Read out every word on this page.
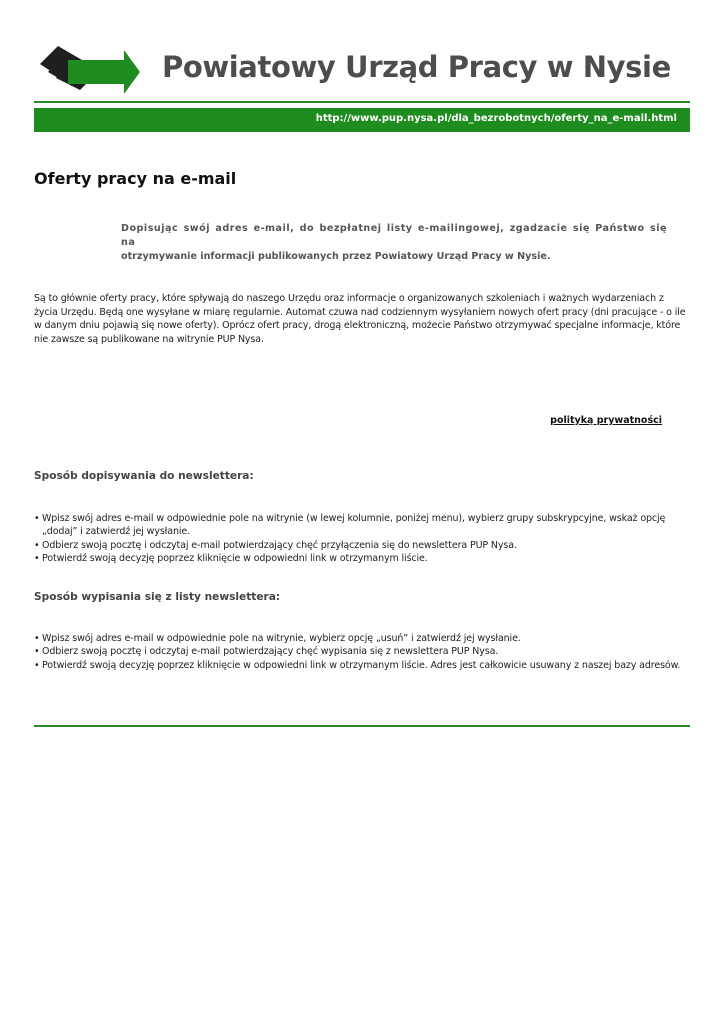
Powiatowy Urząd Pracy w Nysie
http://www.pup.nysa.pl/dla_bezrobotnych/oferty_na_e-mail.html
Oferty pracy na e-mail

Dopisując swój adres e-mail, do bezpłatnej listy e-mailingowej, zgadzacie się Państwo się na
otrzymywanie informacji publikowanych przez Powiatowy Urząd Pracy w Nysie.

Są to głównie oferty pracy, które spływają do naszego Urzędu oraz informacje o organizowanych szkoleniach i ważnych wydarzeniach z życia Urzędu. Będą one wysyłane w miarę regularnie. Automat czuwa nad codziennym wysyłaniem nowych ofert pracy (dni pracujące - o ile w danym dniu pojawią się nowe oferty). Oprócz ofert pracy, drogą elektroniczną, możecie Państwo otrzymywać specjalne informacje, które nie zawsze są publikowane na witrynie PUP Nysa.

polityką prywatności
Sposób dopisywania do newslettera:
• Wpisz swój adres e-mail w odpowiednie pole na witrynie (w lewej kolumnie, poniżej menu), wybierz grupy subskrypcyjne, wskaż opcję „dodaj” i zatwierdź jej wysłanie.
• Odbierz swoją pocztę i odczytaj e-mail potwierdzający chęć przyłączenia się do newslettera PUP Nysa.
• Potwierdź swoją decyzję poprzez kliknięcie w odpowiedni link w otrzymanym liście.
Sposób wypisania się z listy newslettera:
• Wpisz swój adres e-mail w odpowiednie pole na witrynie, wybierz opcję „usuń” i zatwierdź jej wysłanie.
• Odbierz swoją pocztę i odczytaj e-mail potwierdzający chęć wypisania się z newslettera PUP Nysa.
• Potwierdź swoją decyzję poprzez kliknięcie w odpowiedni link w otrzymanym liście. Adres jest całkowicie usuwany z naszej bazy adresów.
